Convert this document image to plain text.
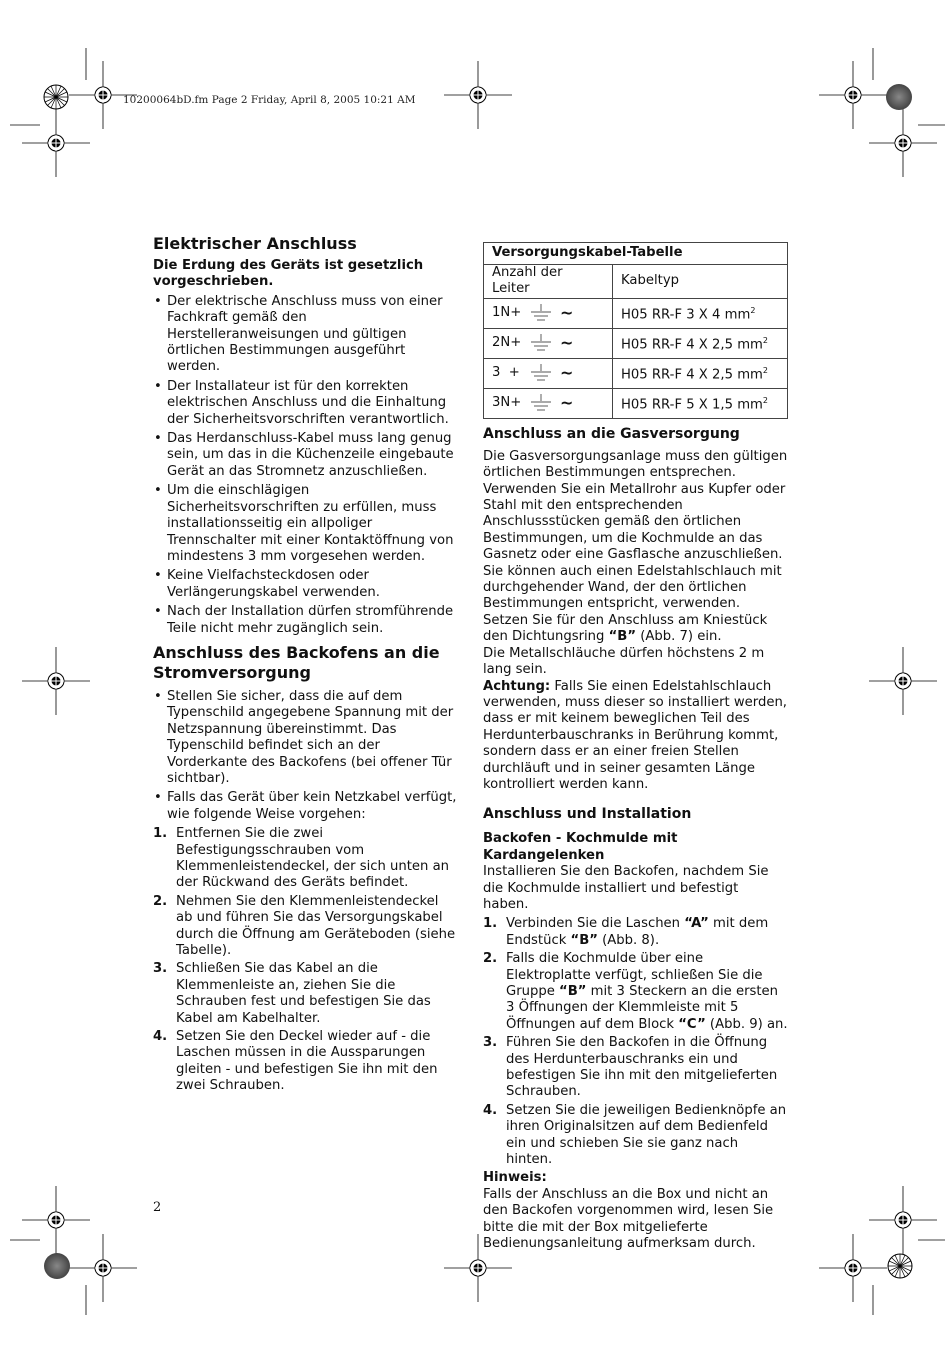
10200064bD.fm Page 2 Friday, April 8, 2005 10:21 AM
Elektrischer Anschluss

Die Erdung des Geräts ist gesetzlich vorgeschrieben.

• Der elektrische Anschluss muss von einer Fachkraft gemäß den Herstelleranweisungen und gültigen örtlichen Bestimmungen ausgeführt werden.
• Der Installateur ist für den korrekten elektrischen Anschluss und die Einhaltung der Sicherheitsvorschriften verantwortlich.
• Das Herdanschluss-Kabel muss lang genug sein, um das in die Küchenzeile eingebaute Gerät an das Stromnetz anzuschließen.
• Um die einschlägigen Sicherheitsvorschriften zu erfüllen, muss installationsseitig ein allpoliger Trennschalter mit einer Kontaktöffnung von mindestens 3 mm vorgesehen werden.
• Keine Vielfachsteckdosen oder Verlängerungskabel verwenden.
• Nach der Installation dürfen stromführende Teile nicht mehr zugänglich sein.
Anschluss des Backofens an die Stromversorgung
• Stellen Sie sicher, dass die auf dem Typenschild angegebene Spannung mit der Netzspannung übereinstimmt. Das Typenschild befindet sich an der Vorderkante des Backofens (bei offener Tür sichtbar).
• Falls das Gerät über kein Netzkabel verfügt, wie folgende Weise vorgehen:
1. Entfernen Sie die zwei Befestigungsschrauben vom Klemmenleistendeckel, der sich unten an der Rückwand des Geräts befindet.
2. Nehmen Sie den Klemmenleistendeckel ab und führen Sie das Versorgungskabel durch die Öffnung am Geräteboden (siehe Tabelle).
3. Schließen Sie das Kabel an die Klemmenleiste an, ziehen Sie die Schrauben fest und befestigen Sie das Kabel am Kabelhalter.
4. Setzen Sie den Deckel wieder auf - die Laschen müssen in die Aussparungen gleiten - und befestigen Sie ihn mit den zwei Schrauben.
Versorgungskabel-Tabelle	
Anzahl der Leiter	Kabeltyp

1N+ ~	H05 RR-F 3 X 4 $mm^2$

2N+ ~	H05 RR-F 4 X 2,5 $mm^2$

3  + ~	H05 RR-F 4 X 2,5 $mm^2$

3N+ ~	H05 RR-F 5 X 1,5 $mm^2$
Anschluss an die Gasversorgung

Die Gasversorgungsanlage muss den gültigen örtlichen Bestimmungen entsprechen. Verwenden Sie ein Metallrohr aus Kupfer oder Stahl mit den entsprechenden Anschlussstücken gemäß den örtlichen Bestimmungen, um die Kochmulde an das Gasnetz oder eine Gasflasche anzuschließen. Sie können auch einen Edelstahlschlauch mit durchgehender Wand, der den örtlichen Bestimmungen entspricht, verwenden.

Setzen Sie für den Anschluss am Kniestück den Dichtungsring “B” (Abb. 7) ein.

Die Metallschläuche dürfen höchstens 2 m lang sein.

Achtung: Falls Sie einen Edelstahlschlauch verwenden, muss dieser so installiert werden, dass er mit keinem beweglichen Teil des Herdunterbauschranks in Berührung kommt, sondern dass er an einer freien Stellen durchläuft und in seiner gesamten Länge kontrolliert werden kann.

Anschluss und Installation

Backofen - Kochmulde mit Kardangelenken

Installieren Sie den Backofen, nachdem Sie die Kochmulde installiert und befestigt haben.

1. Verbinden Sie die Laschen “A” mit dem Endstück “B” (Abb. 8).
2. Falls die Kochmulde über eine Elektroplatte verfügt, schließen Sie die Gruppe “B” mit 3 Steckern an die ersten 3 Öffnungen der Klemmleiste mit 5 Öffnungen auf dem Block “C” (Abb. 9) an.
3. Führen Sie den Backofen in die Öffnung des Herdunterbauschranks ein und befestigen Sie ihn mit den mitgelieferten Schrauben.
4. Setzen Sie die jeweiligen Bedienknöpfe an ihren Originalsitzen auf dem Bedienfeld ein und schieben Sie sie ganz nach hinten.

Hinweis:

Falls der Anschluss an die Box und nicht an den Backofen vorgenommen wird, lesen Sie bitte die mit der Box mitgelieferte Bedienungsanleitung aufmerksam durch.

2
